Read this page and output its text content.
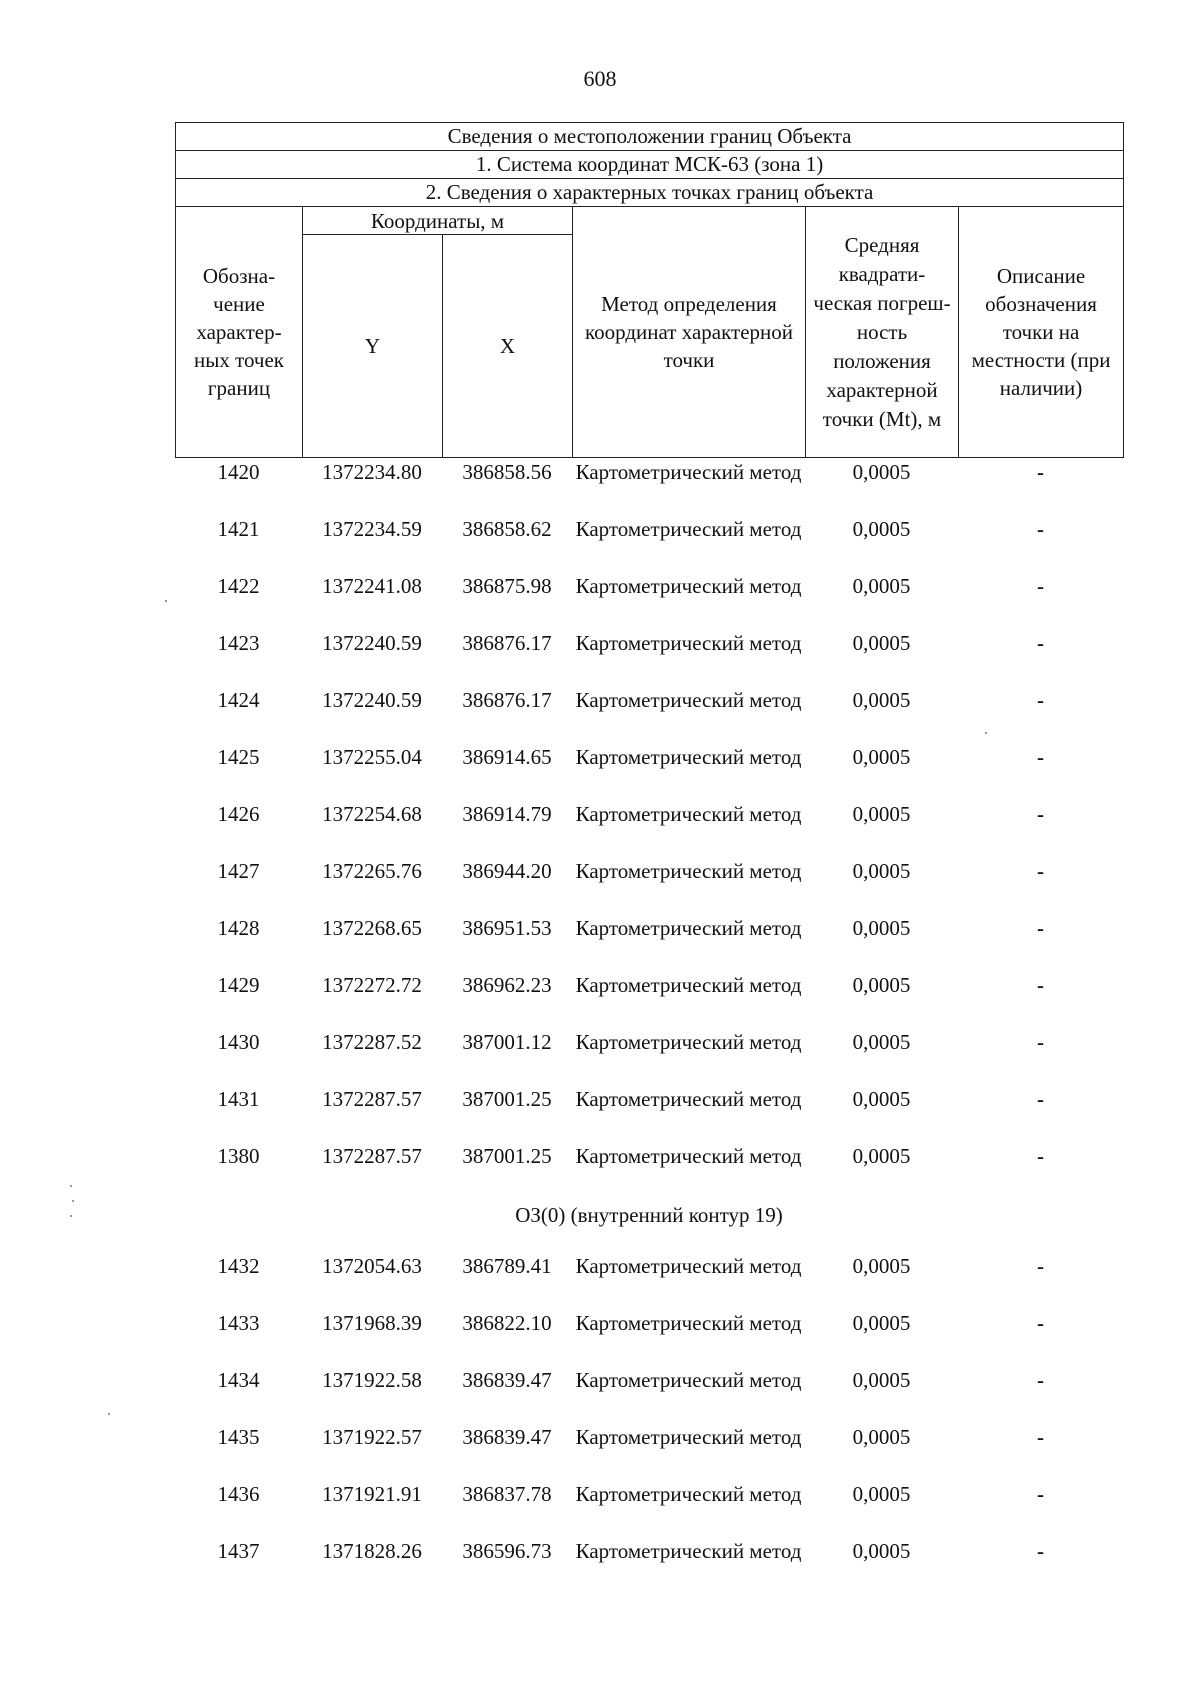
608
Сведения о местоположении границ Объекта					
1. Система координат МСК-63 (зона 1)					
2. Сведения о характерных точках границ объекта					
Обозна-чение характер-ных точек границ	Координаты, м		Метод определения координат характерной точки	Средняя квадрати-ческая погреш-ность положения характерной точки (Mt), м	Описание обозначения точки на местности (при наличии)
	Y	X			
1420	1372234.80	386858.56	Картометрический метод	0,0005	-
1421	1372234.59	386858.62	Картометрический метод	0,0005	-
1422	1372241.08	386875.98	Картометрический метод	0,0005	-
1423	1372240.59	386876.17	Картометрический метод	0,0005	-
1424	1372240.59	386876.17	Картометрический метод	0,0005	-
1425	1372255.04	386914.65	Картометрический метод	0,0005	-
1426	1372254.68	386914.79	Картометрический метод	0,0005	-
1427	1372265.76	386944.20	Картометрический метод	0,0005	-
1428	1372268.65	386951.53	Картометрический метод	0,0005	-
1429	1372272.72	386962.23	Картометрический метод	0,0005	-
1430	1372287.52	387001.12	Картометрический метод	0,0005	-
1431	1372287.57	387001.25	Картометрический метод	0,0005	-
1380	1372287.57	387001.25	Картометрический метод	0,0005	-
ОЗ(0) (внутренний контур 19)					
1432	1372054.63	386789.41	Картометрический метод	0,0005	-
1433	1371968.39	386822.10	Картометрический метод	0,0005	-
1434	1371922.58	386839.47	Картометрический метод	0,0005	-
1435	1371922.57	386839.47	Картометрический метод	0,0005	-
1436	1371921.91	386837.78	Картометрический метод	0,0005	-
1437	1371828.26	386596.73	Картометрический метод	0,0005	-
